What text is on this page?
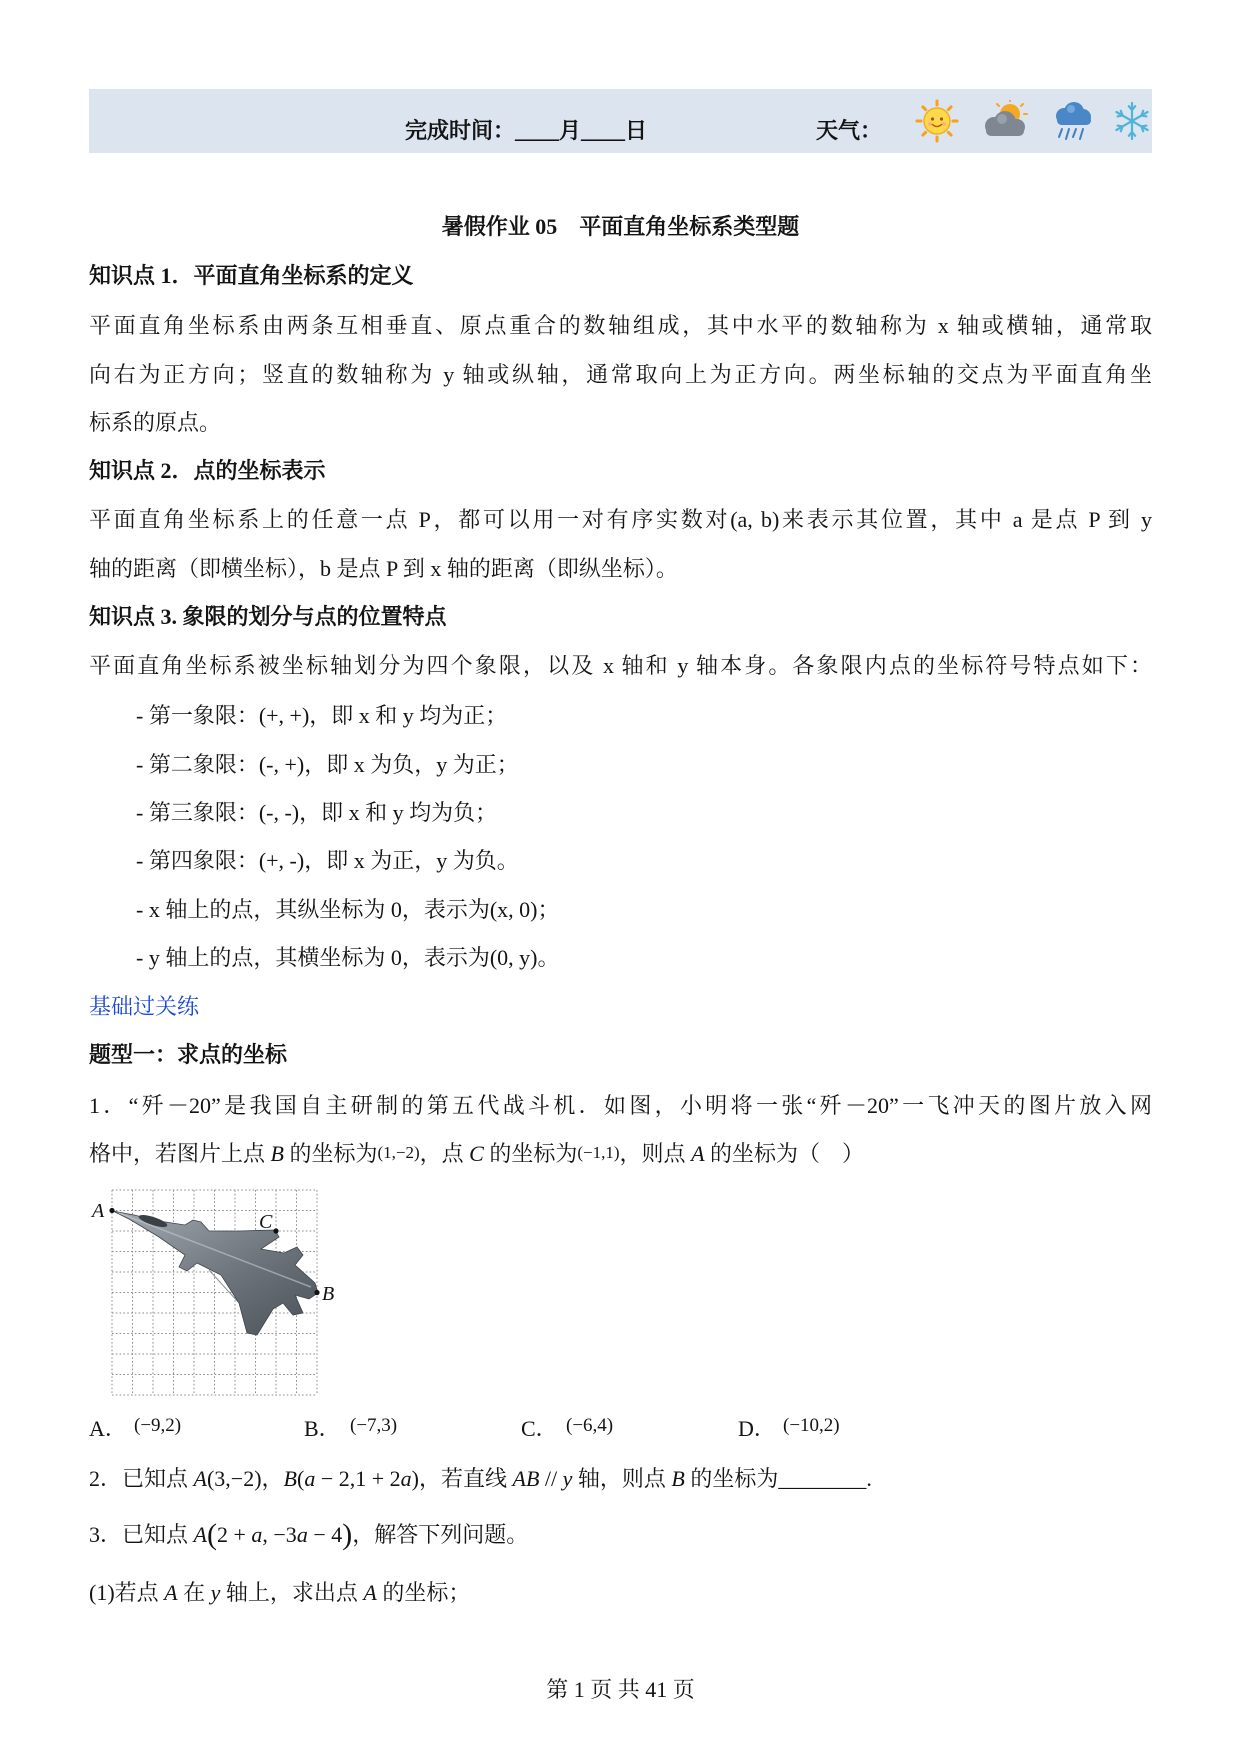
完成时间：____月____日	天气：
暑假作业 05　平面直角坐标系类型题
知识点 1．平面直角坐标系的定义
平面直角坐标系由两条互相垂直、原点重合的数轴组成，其中水平的数轴称为 x 轴或横轴，通常取
向右为正方向；竖直的数轴称为 y 轴或纵轴，通常取向上为正方向。两坐标轴的交点为平面直角坐
标系的原点。
知识点 2．点的坐标表示
平面直角坐标系上的任意一点 P，都可以用一对有序实数对(a, b)来表示其位置，其中 a 是点 P 到 y
轴的距离（即横坐标），b 是点 P 到 x 轴的距离（即纵坐标）。
知识点 3. 象限的划分与点的位置特点
平面直角坐标系被坐标轴划分为四个象限，以及 x 轴和 y 轴本身。各象限内点的坐标符号特点如下：
- 第一象限：(+, +)，即 x 和 y 均为正；
- 第二象限：(-, +)，即 x 为负，y 为正；
- 第三象限：(-, -)，即 x 和 y 均为负；
- 第四象限：(+, -)，即 x 为正，y 为负。
- x 轴上的点，其纵坐标为 0，表示为(x, 0)；
- y 轴上的点，其横坐标为 0，表示为(0, y)。
基础过关练
题型一：求点的坐标
1．“歼－20”是我国自主研制的第五代战斗机．如图，小明将一张“歼－20”一飞冲天的图片放入网
格中，若图片上点 B 的坐标为(1,−2)，点 C 的坐标为(−1,1)，则点 A 的坐标为（　）
A	C
B
A． (−9,2)	B． (−7,3)	C． (−6,4)	D． (−10,2)
2．已知点 A(3,−2)，B(a − 2,1 + 2a)，若直线 AB // y 轴，则点 B 的坐标为________.
3．已知点 A(2 + a, −3a − 4)，解答下列问题。
(1)若点 A 在 y 轴上，求出点 A 的坐标；
第 1 页 共 41 页
